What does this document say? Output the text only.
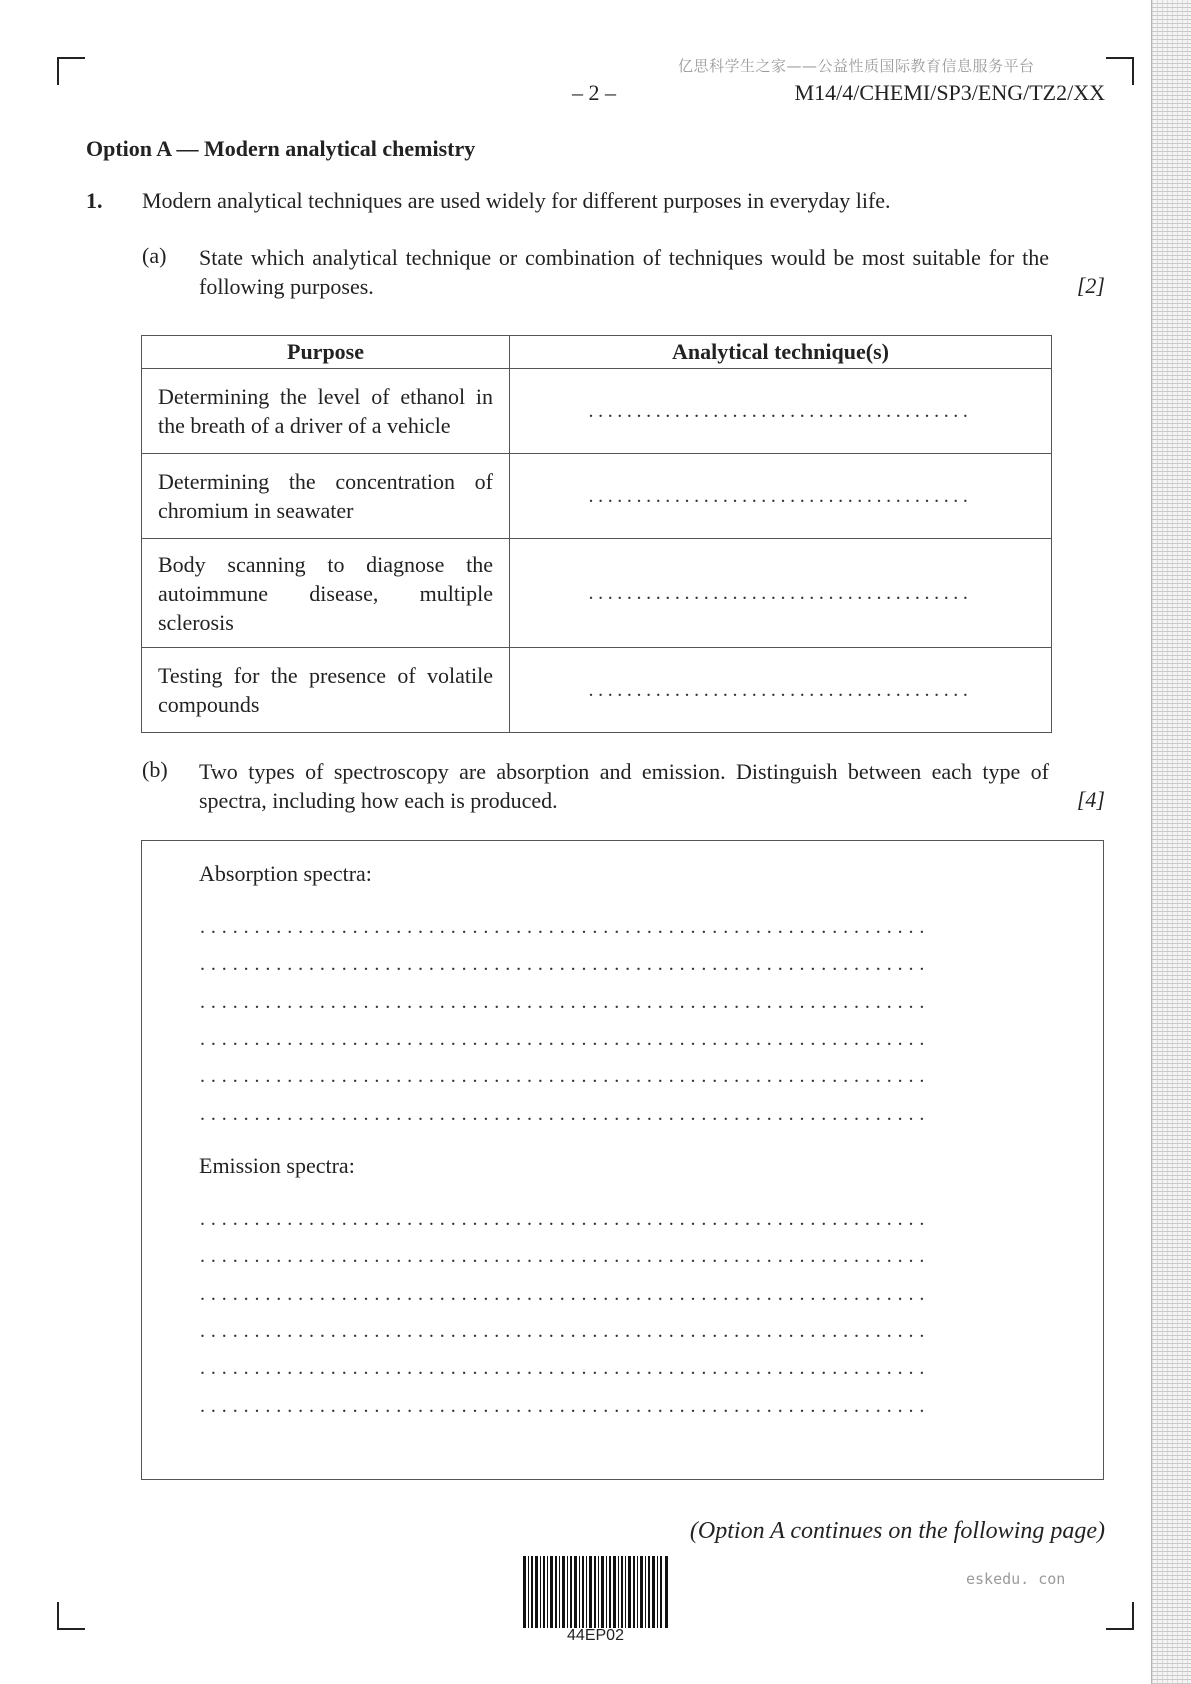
亿思科学生之家——公益性质国际教育信息服务平台
– 2 –	M14/4/CHEMI/SP3/ENG/TZ2/XX
Option A — Modern analytical chemistry
1. Modern analytical techniques are used widely for different purposes in everyday life.
(a) State which analytical technique or combination of techniques would be most suitable for the following purposes.	[2]
Purpose	Analytical technique(s)
Determining the level of ethanol in the breath of a driver of a vehicle	........................................

Determining the concentration of chromium in seawater	........................................

Body scanning to diagnose the autoimmune disease, multiple sclerosis	........................................

Testing for the presence of volatile compounds	........................................
(b) Two types of spectroscopy are absorption and emission. Distinguish between each type of spectra, including how each is produced.	[4]
Absorption spectra:
...................................................................
...................................................................
...................................................................
...................................................................
...................................................................
...................................................................
Emission spectra:
...................................................................
...................................................................
...................................................................
...................................................................
...................................................................
...................................................................
(Option A continues on the following page)
eskedu. con
44EP02
